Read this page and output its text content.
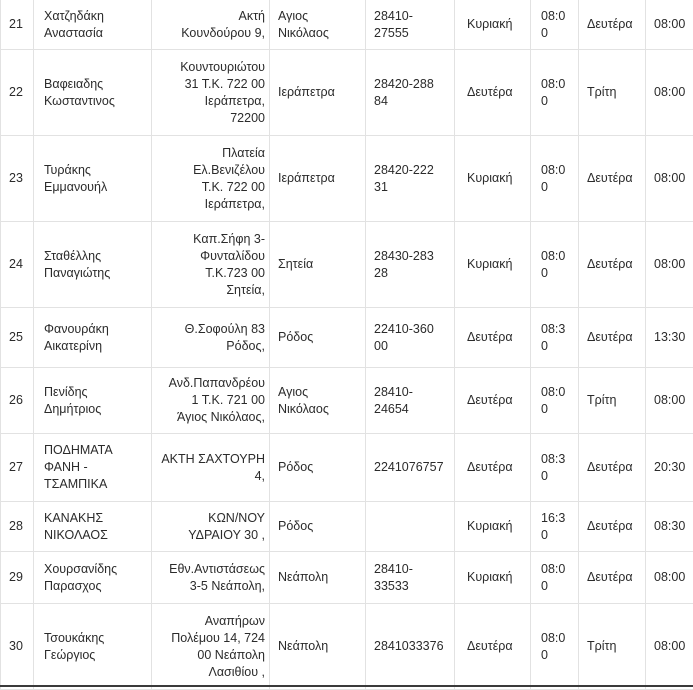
21	Χατζηδάκη
Αναστασία	Ακτή
Κουνδούρου 9,	Αγιος
Νικόλαος	28410-
27555	Κυριακή	08:00	Δευτέρα	08:00
22	Βαφειαδης
Κωσταντινος	Κουντουριώτου
31 Τ.Κ. 722 00
Ιεράπετρα,
72200	Ιεράπετρα	28420-288
84	Δευτέρα	08:00	Τρίτη	08:00
23	Τυράκης
Εμμανουήλ	Πλατεία
Ελ.Βενιζέλου
Τ.Κ. 722 00
Ιεράπετρα,	Ιεράπετρα	28420-222
31	Κυριακή	08:00	Δευτέρα	08:00
24	Σταθέλλης
Παναγιώτης	Καπ.Σήφη 3-
Φυνταλίδου
Τ.Κ.723 00
Σητεία,	Σητεία	28430-283
28	Κυριακή	08:00	Δευτέρα	08:00
25	Φανουράκη
Αικατερίνη	Θ.Σοφούλη 83
Ρόδος,	Ρόδος	22410-360
00	Δευτέρα	08:30	Δευτέρα	13:30
26	Πενίδης
Δημήτριος	Ανδ.Παπανδρέου
1 Τ.Κ. 721 00
Άγιος Νικόλαος,	Αγιος
Νικόλαος	28410-
24654	Δευτέρα	08:00	Τρίτη	08:00
27	ΠΟΔΗΜΑΤΑ
ΦΑΝΗ -
ΤΣΑΜΠΙΚΑ	ΑΚΤΗ ΣΑΧΤΟΥΡΗ
4,	Ρόδος	2241076757	Δευτέρα	08:30	Δευτέρα	20:30
28	ΚΑΝΑΚΗΣ
ΝΙΚΟΛΑΟΣ	ΚΩΝ/ΝΟΥ
ΥΔΡΑΙΟΥ 30 ,	Ρόδος		Κυριακή	16:30	Δευτέρα	08:30
29	Χουρσανίδης
Παρασχος	Εθν.Αντιστάσεως
3-5 Νεάπολη,	Νεάπολη	28410-
33533	Κυριακή	08:00	Δευτέρα	08:00
30	Τσουκάκης
Γεώργιος	Αναπήρων
Πολέμου 14, 724
00 Νεάπολη
Λασιθίου ,	Νεάπολη	2841033376	Δευτέρα	08:00	Τρίτη	08:00
